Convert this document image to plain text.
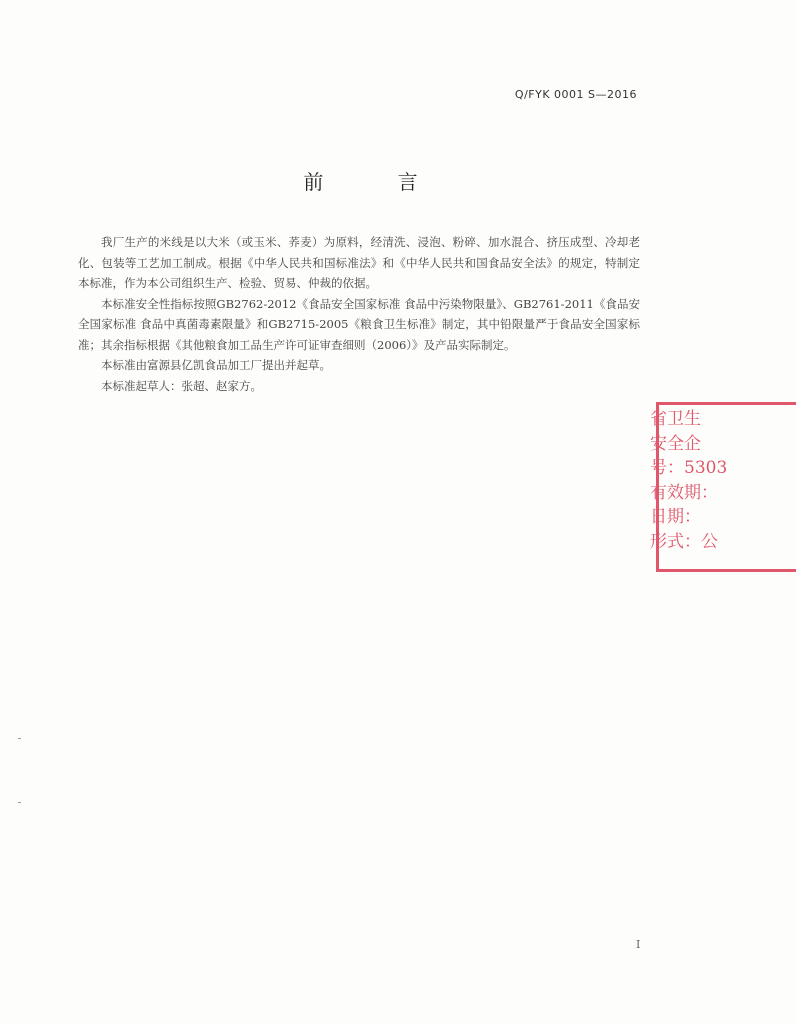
Q/FYK 0001 S—2016
前 言

我厂生产的米线是以大米（或玉米、荞麦）为原料，经清洗、浸泡、粉碎、加水混合、挤压成型、冷却老化、包装等工艺加工制成。根据《中华人民共和国标准法》和《中华人民共和国食品安全法》的规定，特制定本标准，作为本公司组织生产、检验、贸易、仲裁的依据。

本标准安全性指标按照GB2762-2012《食品安全国家标准 食品中污染物限量》、GB2761-2011《食品安全国家标准 食品中真菌毒素限量》和GB2715-2005《粮食卫生标准》制定，其中铅限量严于食品安全国家标准；其余指标根据《其他粮食加工品生产许可证审查细则（2006）》及产品实际制定。

本标准由富源县亿凯食品加工厂提出并起草。

本标准起草人：张超、赵家方。

省卫生
安全企
号：5303
有效期：
日期：
形式：公
I
